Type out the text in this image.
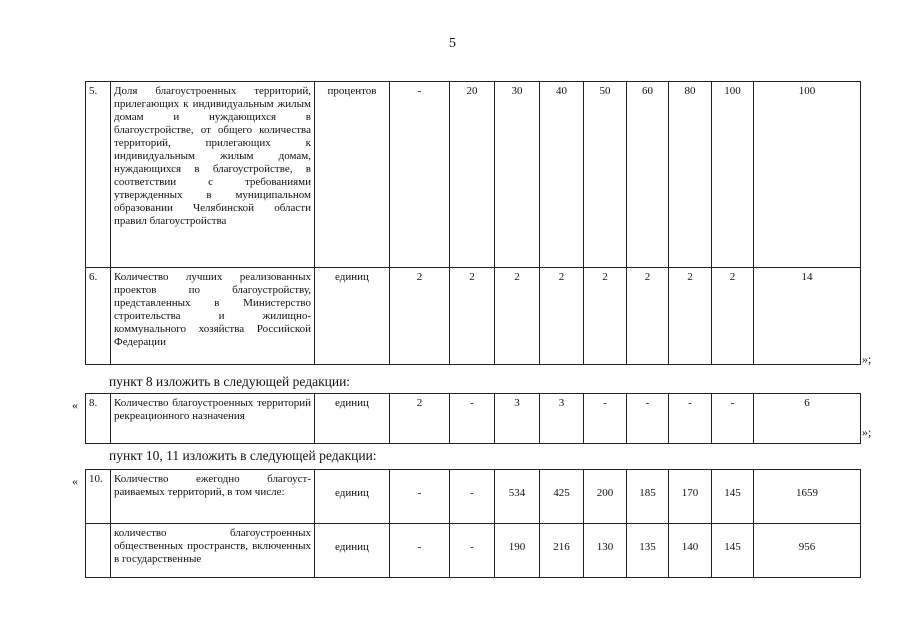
5
5.	Доля благоустроенных территорий, прилегающих к индивидуальным жилым домам и нуждающихся в благоустройстве, от общего количества территорий, прилегающих к индивидуальным жилым домам, нуждающихся в благоустройстве, в соответствии с требованиями утвержденных в муниципальном образовании Челябинской области правил благоустройства	процентов	-	20	30	40	50	60	80	100	100
6.	Количество лучших реализованных проектов по благоустройству, представленных в Министерство строительства и жилищно-коммунального хозяйства Российской Федерации	единиц	2	2	2	2	2	2	2	2	14
»;
пункт 8 изложить в следующей редакции:
« 8.	Количество благоустроенных территорий рекреационного назначения	единиц	2	-	3	3	-	-	-	-	6
»;
пункт 10, 11 изложить в следующей редакции:
« 10.	Количество ежегодно благоуст-раиваемых территорий, в том числе:	единиц	-	-	534	425	200	185	170	145	1659
	количество благоустроенных общественных пространств, включенных в государственные	единиц	-	-	190	216	130	135	140	145	956
